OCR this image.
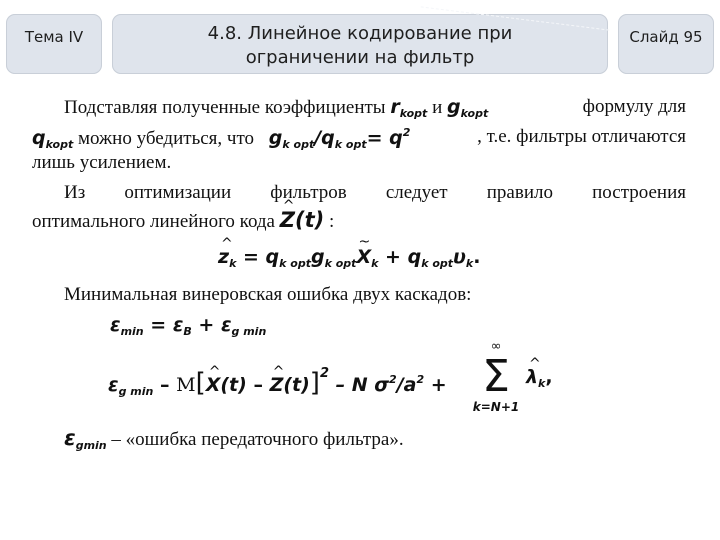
Тема IV	4.8. Линейное кодирование при
ограничении на фильтр
Слайд 95
Подставляя полученные коэффициенты $r_{kopt}$ и $g_{kopt}$	формулу для
$q_{kopt}$ можно убедиться, что $g_{k opt}/q_{k opt}= q^2$	, т.е. фильтры отличаются
лишь усилением.
Из оптимизации фильтров следует правило построения
оптимального линейного кода ^ Z(t) :
^ $z_k$ = $q_{k opt}g_{k opt}\sim$ $X_k + q_{k opt}\upsilon_k$.
Минимальная винеровская ошибка двух каскадов:
$\varepsilon_{min} = \varepsilon_B + \varepsilon_{g min}$
$\varepsilon_{g min}$ – M[^ X(t) – ^ Z(t)]$^2$ – N $\sigma^2/a^2$ +
∞
Σ
k=N+1
^ $\lambda_k$,
$\varepsilon_{gmin}$ – «ошибка передаточного фильтра».
